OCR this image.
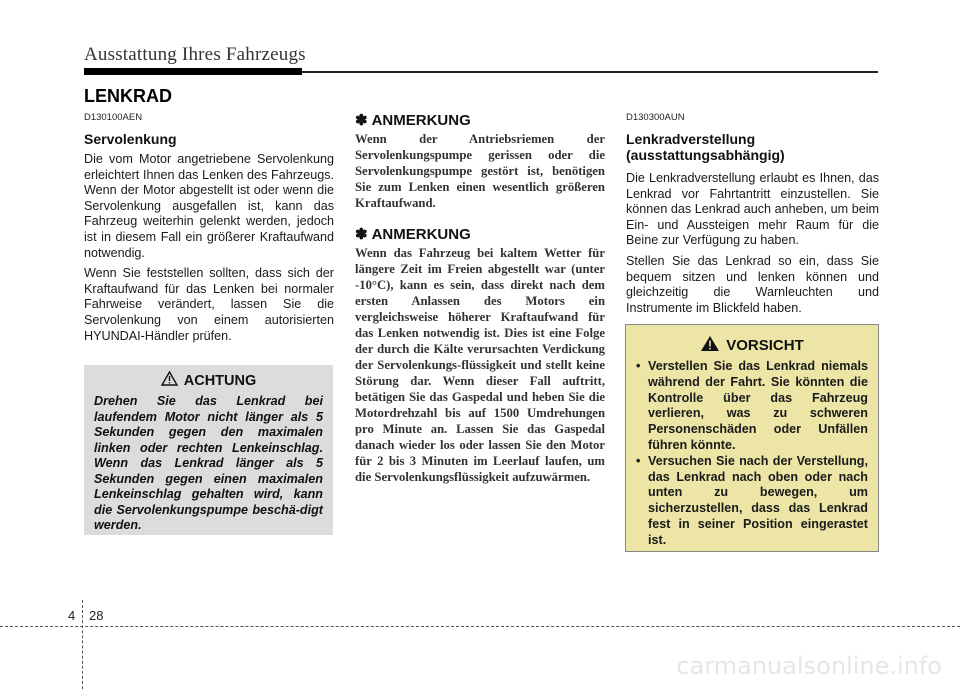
Ausstattung Ihres Fahrzeugs
LENKRAD
D130100AEN
Servolenkung

Die vom Motor angetriebene Servolenkung erleichtert Ihnen das Lenken des Fahrzeugs. Wenn der Motor abgestellt ist oder wenn die Servolenkung ausgefallen ist, kann das Fahrzeug weiterhin gelenkt werden, jedoch ist in diesem Fall ein größerer Kraftaufwand notwendig.

Wenn Sie feststellen sollten, dass sich der Kraftaufwand für das Lenken bei normaler Fahrweise verändert, lassen Sie die Servolenkung von einem autorisierten HYUNDAI-Händler prüfen.

ACHTUNG
Drehen Sie das Lenkrad bei laufendem Motor nicht länger als 5 Sekunden gegen den maximalen linken oder rechten Lenkeinschlag. Wenn das Lenkrad länger als 5 Sekunden gegen einen maximalen Lenkeinschlag gehalten wird, kann die Servolenkungspumpe beschä-digt werden.
✽ ANMERKUNG
Wenn der Antriebsriemen der Servolenkungspumpe gerissen oder die Servolenkungspumpe gestört ist, benötigen Sie zum Lenken einen wesentlich größeren Kraftaufwand.
✽ ANMERKUNG
Wenn das Fahrzeug bei kaltem Wetter für längere Zeit im Freien abgestellt war (unter -10°C), kann es sein, dass direkt nach dem ersten Anlassen des Motors ein vergleichsweise höherer Kraftaufwand für das Lenken notwendig ist. Dies ist eine Folge der durch die Kälte verursachten Verdickung der Servolenkungs-flüssigkeit und stellt keine Störung dar. Wenn dieser Fall auftritt, betätigen Sie das Gaspedal und heben Sie die Motordrehzahl bis auf 1500 Umdrehungen pro Minute an. Lassen Sie das Gaspedal danach wieder los oder lassen Sie den Motor für 2 bis 3 Minuten im Leerlauf laufen, um die Servolenkungsflüssigkeit aufzuwärmen.
D130300AUN
Lenkradverstellung (ausstattungsabhängig)

Die Lenkradverstellung erlaubt es Ihnen, das Lenkrad vor Fahrtantritt einzustellen. Sie können das Lenkrad auch anheben, um beim Ein- und Aussteigen mehr Raum für die Beine zur Verfügung zu haben.

Stellen Sie das Lenkrad so ein, dass Sie bequem sitzen und lenken können und gleichzeitig die Warnleuchten und Instrumente im Blickfeld haben.

VORSICHT
• Verstellen Sie das Lenkrad niemals während der Fahrt. Sie könnten die Kontrolle über das Fahrzeug verlieren, was zu schweren Personenschäden oder Unfällen führen könnte.
• Versuchen Sie nach der Verstellung, das Lenkrad nach oben oder nach unten zu bewegen, um sicherzustellen, dass das Lenkrad fest in seiner Position eingerastet ist.
4 28
carmanualsonline.info
